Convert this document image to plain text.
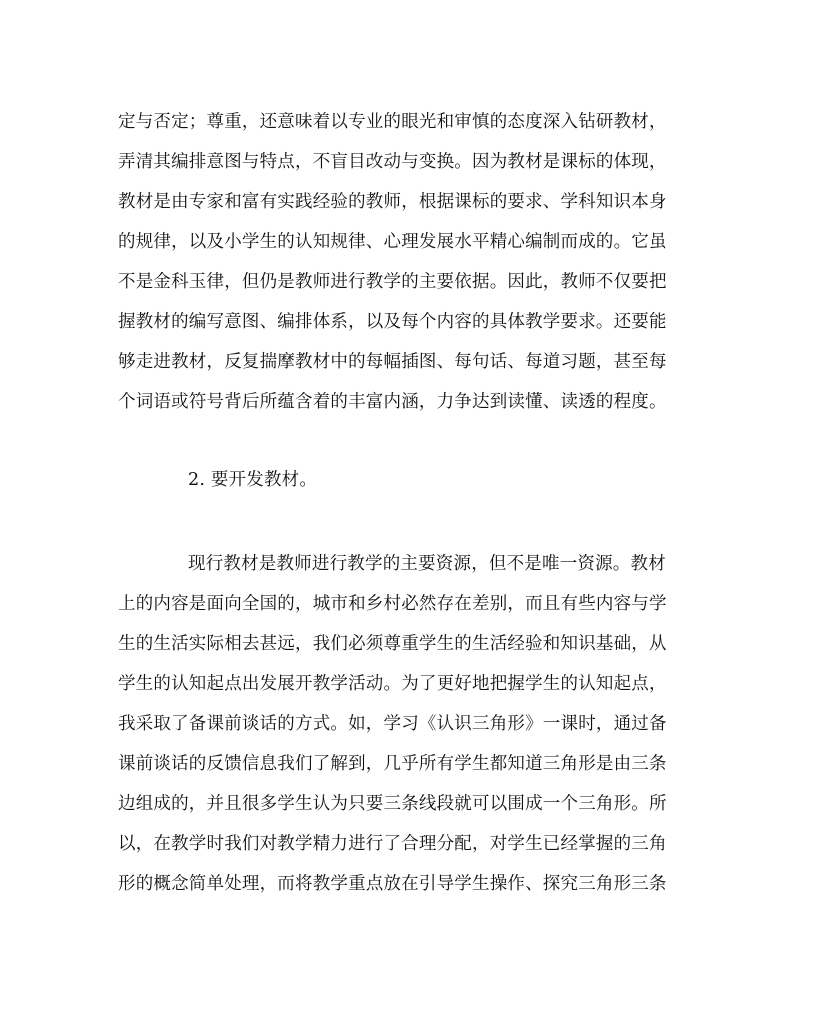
定与否定；尊重，还意味着以专业的眼光和审慎的态度深入钻研教材，
弄清其编排意图与特点，不盲目改动与变换。因为教材是课标的体现，
教材是由专家和富有实践经验的教师，根据课标的要求、学科知识本身
的规律，以及小学生的认知规律、心理发展水平精心编制而成的。它虽
不是金科玉律，但仍是教师进行教学的主要依据。因此，教师不仅要把
握教材的编写意图、编排体系，以及每个内容的具体教学要求。还要能
够走进教材，反复揣摩教材中的每幅插图、每句话、每道习题，甚至每
个词语或符号背后所蕴含着的丰富内涵，力争达到读懂、读透的程度。
2. 要开发教材。
现行教材是教师进行教学的主要资源，但不是唯一资源。教材
上的内容是面向全国的，城市和乡村必然存在差别，而且有些内容与学
生的生活实际相去甚远，我们必须尊重学生的生活经验和知识基础，从
学生的认知起点出发展开教学活动。为了更好地把握学生的认知起点，
我采取了备课前谈话的方式。如，学习《认识三角形》一课时，通过备
课前谈话的反馈信息我们了解到，几乎所有学生都知道三角形是由三条
边组成的，并且很多学生认为只要三条线段就可以围成一个三角形。所
以，在教学时我们对教学精力进行了合理分配，对学生已经掌握的三角
形的概念简单处理，而将教学重点放在引导学生操作、探究三角形三条
